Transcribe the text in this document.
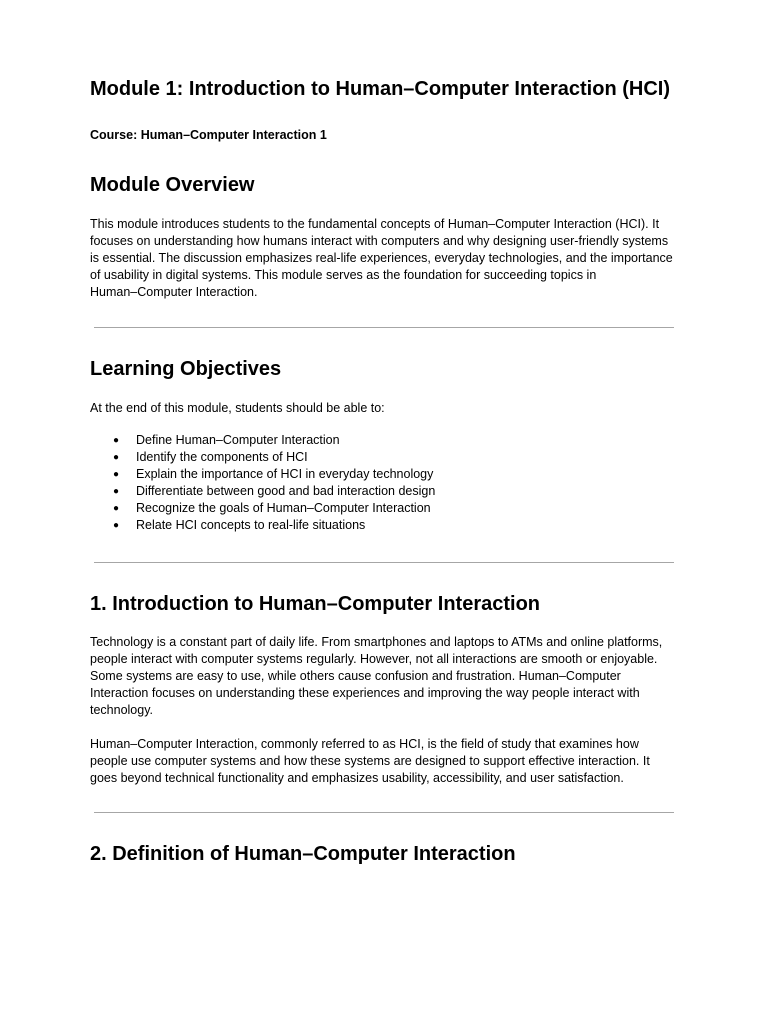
Module 1: Introduction to Human–Computer Interaction (HCI)
Course: Human–Computer Interaction 1
Module Overview

This module introduces students to the fundamental concepts of Human–Computer Interaction (HCI). It
focuses on understanding how humans interact with computers and why designing user-friendly systems
is essential. The discussion emphasizes real-life experiences, everyday technologies, and the importance
of usability in digital systems. This module serves as the foundation for succeeding topics in
Human–Computer Interaction.

Learning Objectives

At the end of this module, students should be able to:

● Define Human–Computer Interaction
● Identify the components of HCI
● Explain the importance of HCI in everyday technology
● Differentiate between good and bad interaction design
● Recognize the goals of Human–Computer Interaction
● Relate HCI concepts to real-life situations
1. Introduction to Human–Computer Interaction

Technology is a constant part of daily life. From smartphones and laptops to ATMs and online platforms,
people interact with computer systems regularly. However, not all interactions are smooth or enjoyable.
Some systems are easy to use, while others cause confusion and frustration. Human–Computer
Interaction focuses on understanding these experiences and improving the way people interact with
technology.

Human–Computer Interaction, commonly referred to as HCI, is the field of study that examines how
people use computer systems and how these systems are designed to support effective interaction. It
goes beyond technical functionality and emphasizes usability, accessibility, and user satisfaction.

2. Definition of Human–Computer Interaction
